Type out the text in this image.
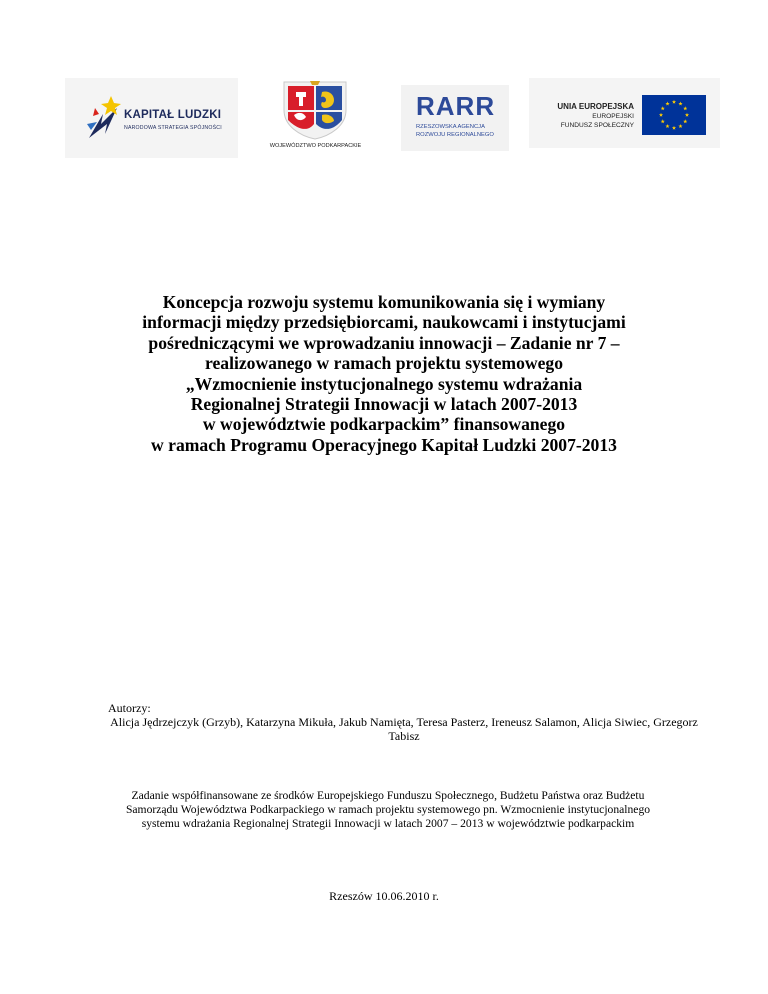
KAPITAŁ LUDZKI
NARODOWA STRATEGIA SPÓJNOŚCI
WOJEWÓDZTWO PODKARPACKIE
RARR
RZESZOWSKA AGENCJA
ROZWOJU REGIONALNEGO
UNIA EUROPEJSKA
EUROPEJSKI
FUNDUSZ SPOŁECZNY
Koncepcja rozwoju systemu komunikowania się i wymiany
informacji między przedsiębiorcami, naukowcami i instytucjami
pośredniczącymi we wprowadzaniu innowacji – Zadanie nr 7 –
realizowanego w ramach projektu systemowego
„Wzmocnienie instytucjonalnego systemu wdrażania
Regionalnej Strategii Innowacji w latach 2007-2013
w województwie podkarpackim” finansowanego
w ramach Programu Operacyjnego Kapitał Ludzki 2007-2013
Autorzy:
Alicja Jędrzejczyk (Grzyb), Katarzyna Mikuła, Jakub Namięta, Teresa Pasterz, Ireneusz Salamon, Alicja Siwiec, Grzegorz Tabisz
Zadanie współfinansowane ze środków Europejskiego Funduszu Społecznego, Budżetu Państwa oraz Budżetu
Samorządu Województwa Podkarpackiego w ramach projektu systemowego pn. Wzmocnienie instytucjonalnego
systemu wdrażania Regionalnej Strategii Innowacji w latach 2007 – 2013 w województwie podkarpackim
Rzeszów 10.06.2010 r.
